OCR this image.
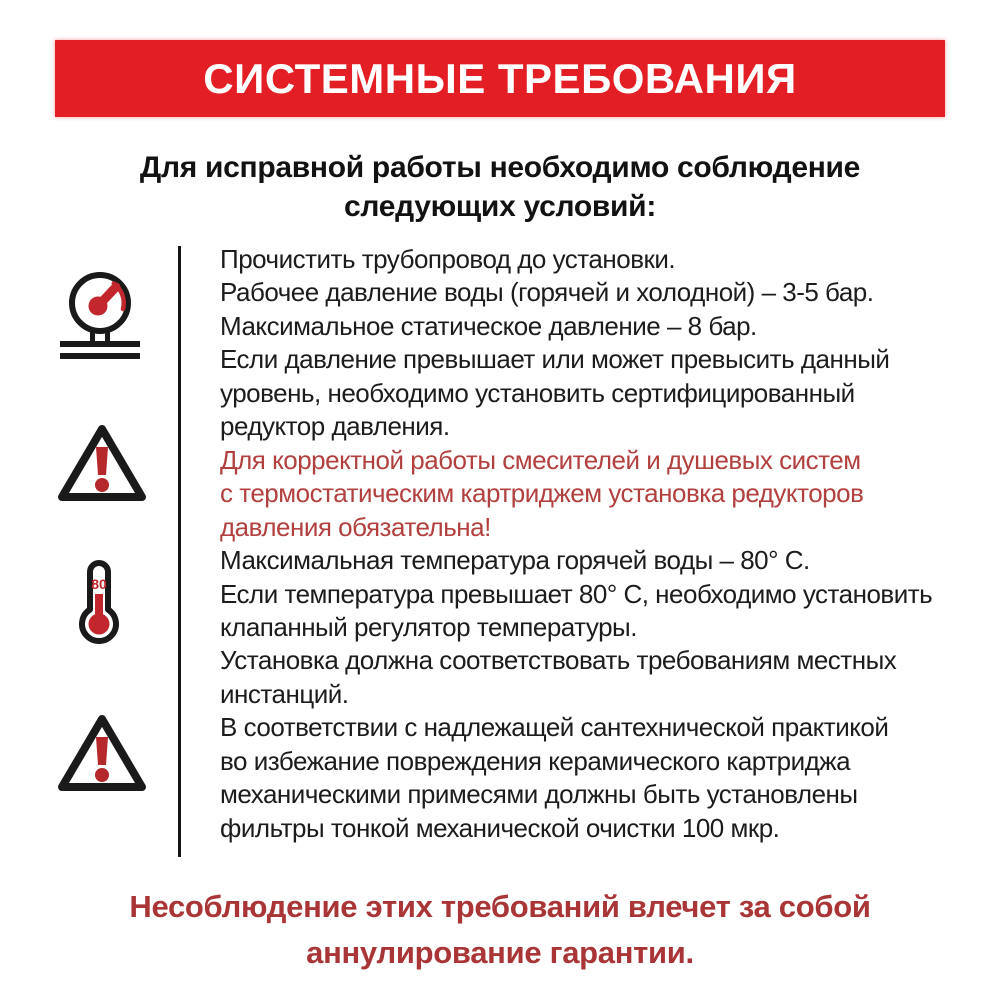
СИСТЕМНЫЕ ТРЕБОВАНИЯ
Для исправной работы необходимо соблюдение
следующих условий:
80
Прочистить трубопровод до установки.
Рабочее давление воды (горячей и холодной) – 3-5 бар.
Максимальное статическое давление – 8 бар.
Если давление превышает или может превысить данный
уровень, необходимо установить сертифицированный
редуктор давления.
Для корректной работы смесителей и душевых систем
с термостатическим картриджем установка редукторов
давления обязательна!
Максимальная температура горячей воды – 80° C.
Если температура превышает 80° C, необходимо установить
клапанный регулятор температуры.
Установка должна соответствовать требованиям местных
инстанций.
В соответствии с надлежащей сантехнической практикой
во избежание повреждения керамического картриджа
механическими примесями должны быть установлены
фильтры тонкой механической очистки 100 мкр.
Несоблюдение этих требований влечет за собой
аннулирование гарантии.
